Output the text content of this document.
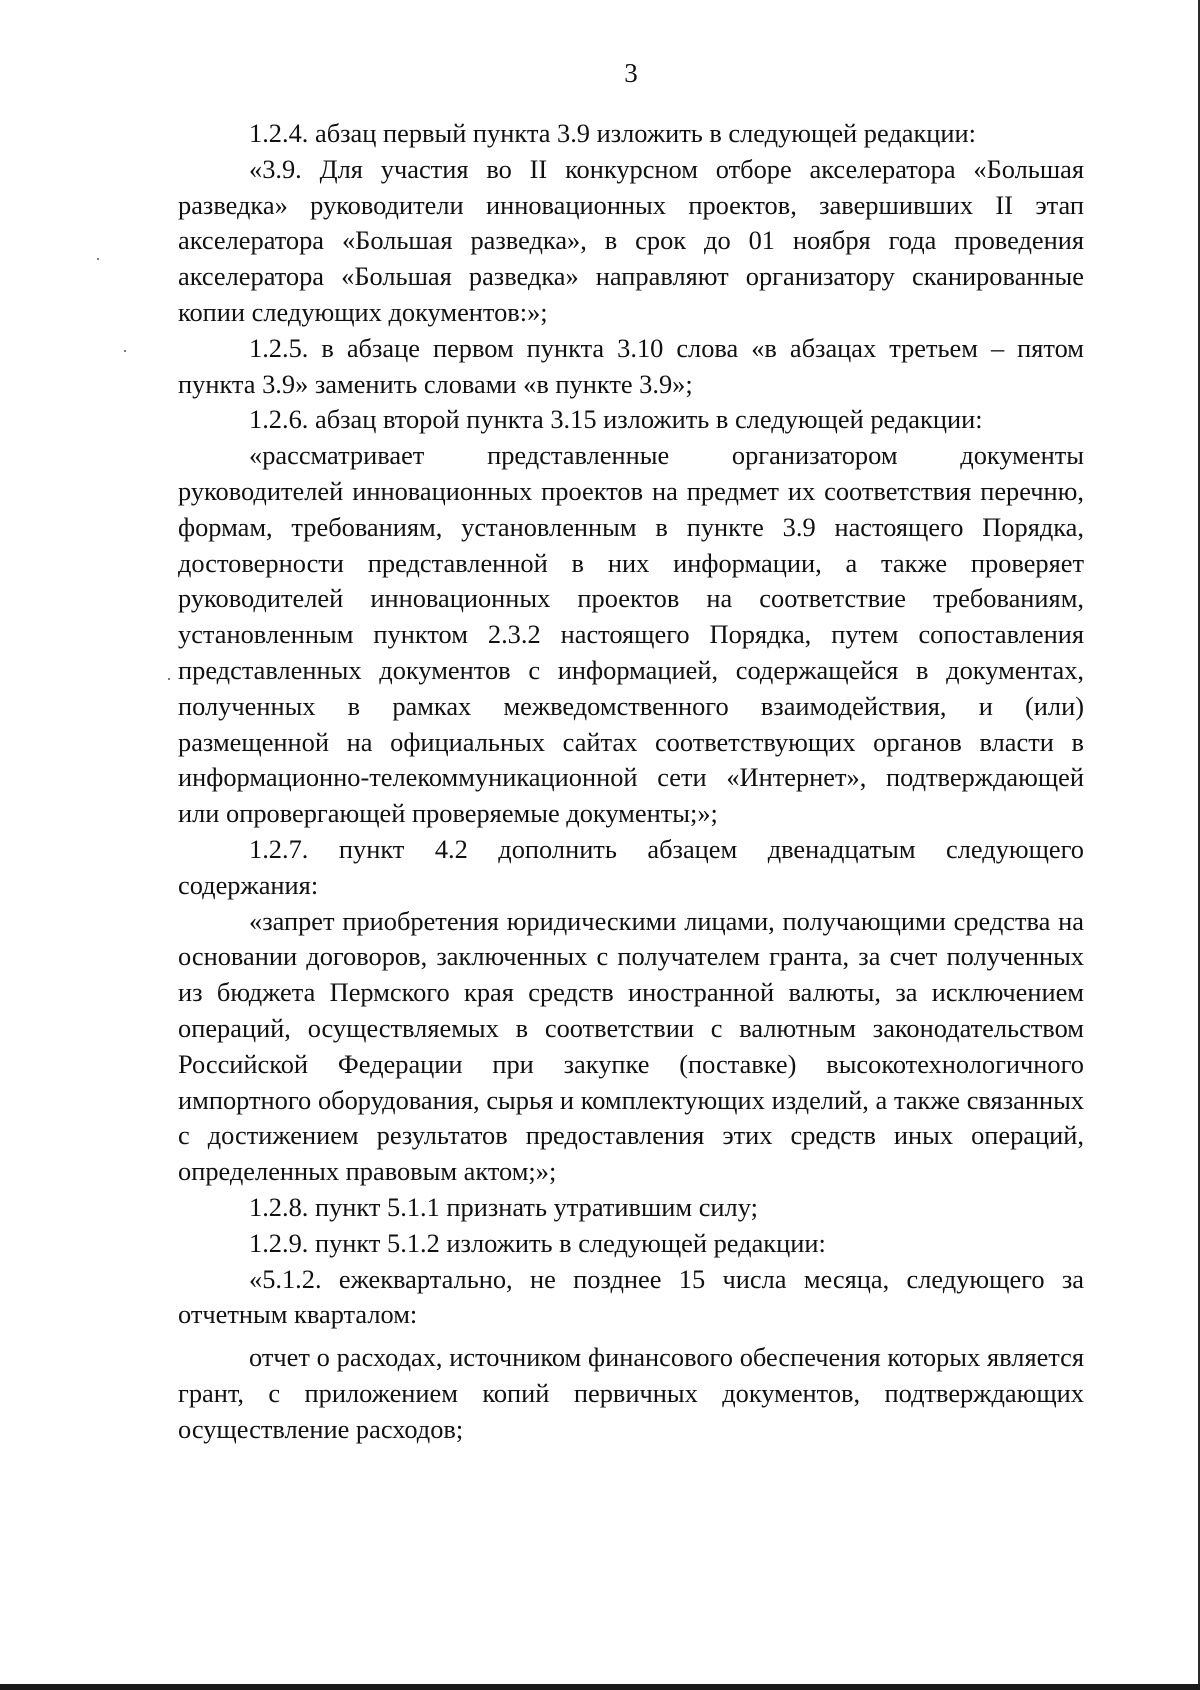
3

1.2.4. абзац первый пункта 3.9 изложить в следующей редакции:

«3.9. Для участия во II конкурсном отборе акселератора «Большая разведка» руководители инновационных проектов, завершивших II этап акселератора «Большая разведка», в срок до 01 ноября года проведения акселератора «Большая разведка» направляют организатору сканированные копии следующих документов:»;

1.2.5. в абзаце первом пункта 3.10 слова «в абзацах третьем – пятом пункта 3.9» заменить словами «в пункте 3.9»;

1.2.6. абзац второй пункта 3.15 изложить в следующей редакции:

«рассматривает представленные организатором документы руководителей инновационных проектов на предмет их соответствия перечню, формам, требованиям, установленным в пункте 3.9 настоящего Порядка, достоверности представленной в них информации, а также проверяет руководителей инновационных проектов на соответствие требованиям, установленным пунктом 2.3.2 настоящего Порядка, путем сопоставления представленных документов с информацией, содержащейся в документах, полученных в рамках межведомственного взаимодействия, и (или) размещенной на официальных сайтах соответствующих органов власти в информационно-телекоммуникационной сети «Интернет», подтверждающей или опровергающей проверяемые документы;»;

1.2.7. пункт 4.2 дополнить абзацем двенадцатым следующего содержания:

«запрет приобретения юридическими лицами, получающими средства на основании договоров, заключенных с получателем гранта, за счет полученных из бюджета Пермского края средств иностранной валюты, за исключением операций, осуществляемых в соответствии с валютным законодательством Российской Федерации при закупке (поставке) высокотехнологичного импортного оборудования, сырья и комплектующих изделий, а также связанных с достижением результатов предоставления этих средств иных операций, определенных правовым актом;»;

1.2.8. пункт 5.1.1 признать утратившим силу;

1.2.9. пункт 5.1.2 изложить в следующей редакции:

«5.1.2. ежеквартально, не позднее 15 числа месяца, следующего за отчетным кварталом:

отчет о расходах, источником финансового обеспечения которых является грант, с приложением копий первичных документов, подтверждающих осуществление расходов;
